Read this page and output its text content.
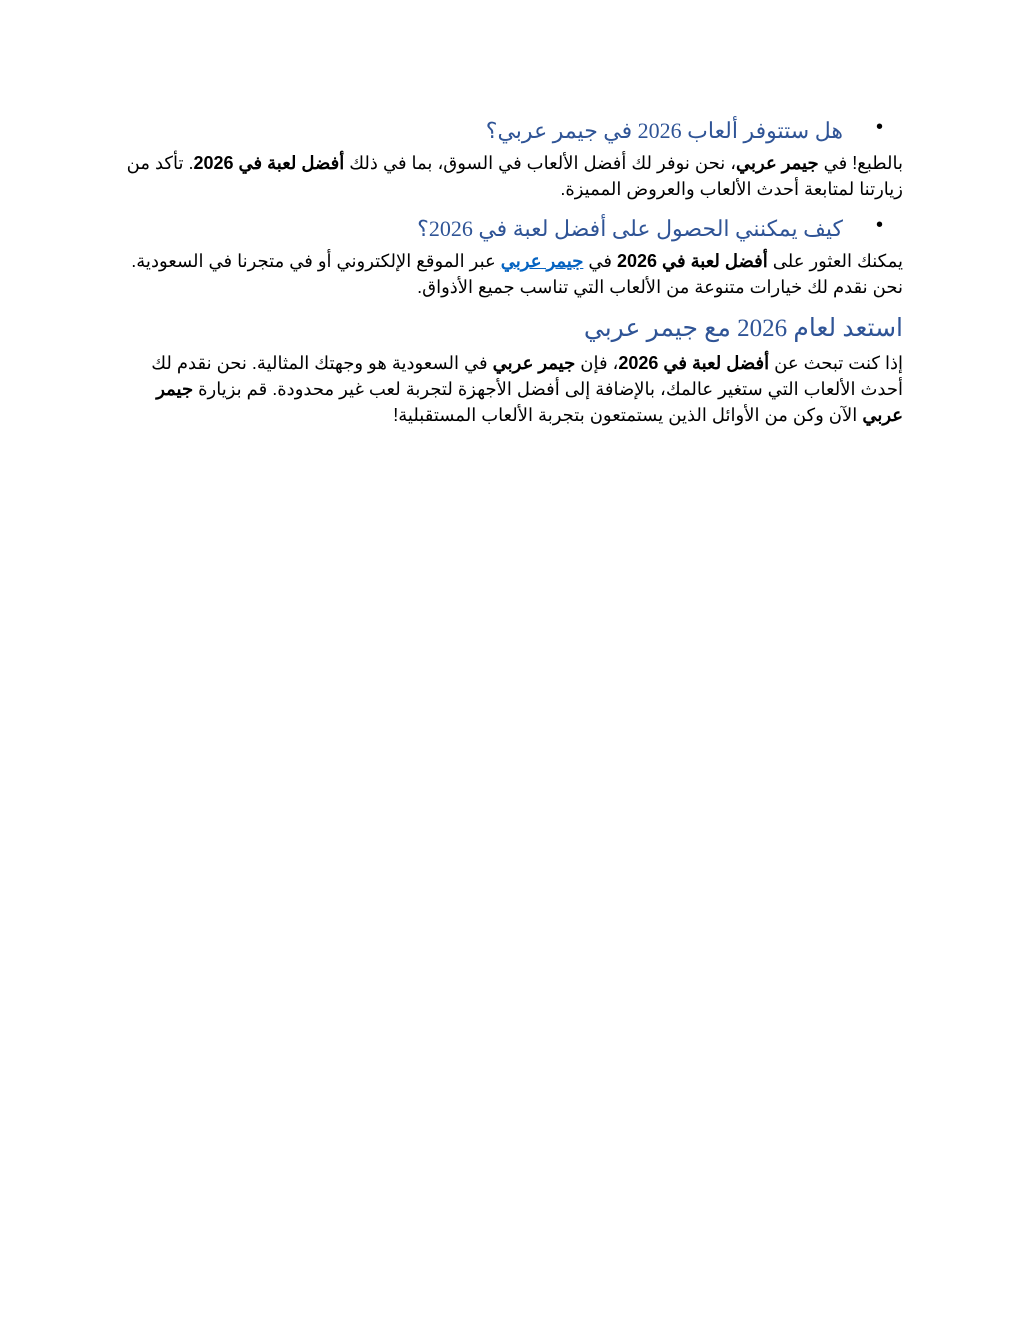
•
هل ستتوفر ألعاب 2026 في جيمر عربي؟

بالطبع! في جيمر عربي، نحن نوفر لك أفضل الألعاب في السوق، بما في ذلك أفضل لعبة في 2026. تأكد من زيارتنا لمتابعة أحدث الألعاب والعروض المميزة.

•
كيف يمكنني الحصول على أفضل لعبة في 2026؟

يمكنك العثور على أفضل لعبة في 2026 في جيمر عربي عبر الموقع الإلكتروني أو في متجرنا في السعودية. نحن نقدم لك خيارات متنوعة من الألعاب التي تناسب جميع الأذواق.

استعد لعام 2026 مع جيمر عربي

إذا كنت تبحث عن أفضل لعبة في 2026، فإن جيمر عربي في السعودية هو وجهتك المثالية. نحن نقدم لك أحدث الألعاب التي ستغير عالمك، بالإضافة إلى أفضل الأجهزة لتجربة لعب غير محدودة. قم بزيارة جيمر عربي الآن وكن من الأوائل الذين يستمتعون بتجربة الألعاب المستقبلية!
